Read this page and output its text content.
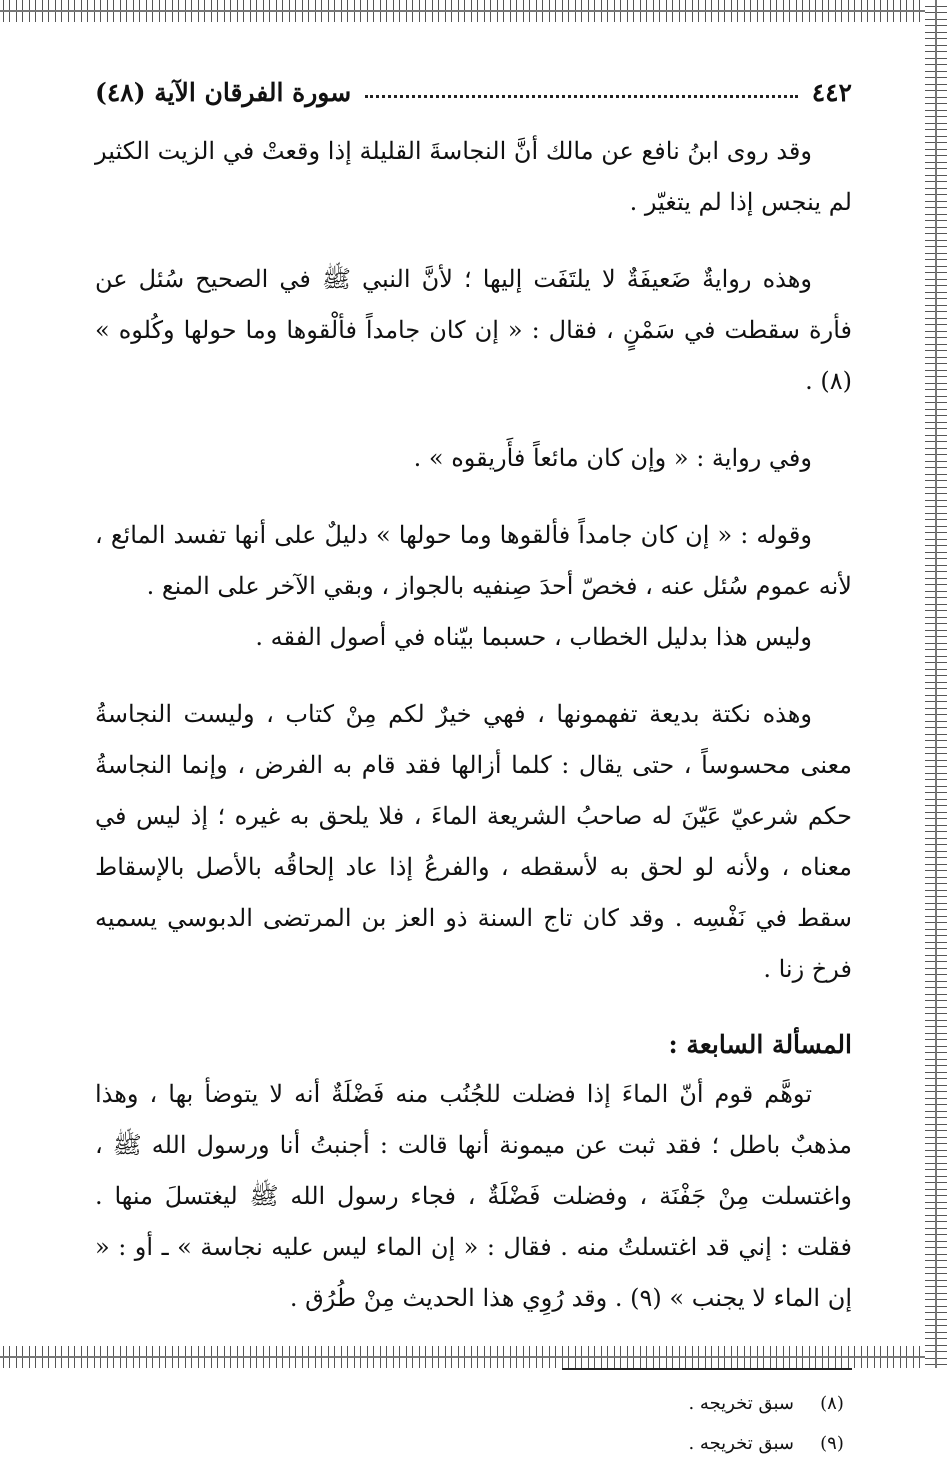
٤٤٢
سورة الفرقان الآية (٤٨)

وقد روى ابنُ نافع عن مالك أنَّ النجاسةَ القليلة إذا وقعتْ في الزيت الكثير لم ينجس إذا لم يتغيّر .

وهذه روايةٌ ضَعيفَةٌ لا يلتَفَت إليها ؛ لأنَّ النبي ﷺ في الصحيح سُئل عن فأرة سقطت في سَمْنٍ ، فقال : « إن كان جامداً فألْقوها وما حولها وكُلوه » (٨) .

وفي رواية : « وإن كان مائعاً فأَريقوه » .

وقوله : « إن كان جامداً فألقوها وما حولها » دليلٌ على أنها تفسد المائع ، لأنه عموم سُئل عنه ، فخصّ أحدَ صِنفيه بالجواز ، وبقي الآخر على المنع .

وليس هذا بدليل الخطاب ، حسبما بيّناه في أصول الفقه .

وهذه نكتة بديعة تفهمونها ، فهي خيرٌ لكم مِنْ كتاب ، وليست النجاسةُ معنى محسوساً ، حتى يقال : كلما أزالها فقد قام به الفرض ، وإنما النجاسةُ حكم شرعيّ عَيّنَ له صاحبُ الشريعة الماءَ ، فلا يلحق به غيره ؛ إذ ليس في معناه ، ولأنه لو لحق به لأسقطه ، والفرعُ إذا عاد إلحاقُه بالأصل بالإسقاط سقط في نَفْسِه . وقد كان تاج السنة ذو العز بن المرتضى الدبوسي يسميه فرخ زنا .

المسألة السابعة :

توهَّم قوم أنّ الماءَ إذا فضلت للجُنُب منه فَضْلَةٌ أنه لا يتوضأ بها ، وهذا مذهبٌ باطل ؛ فقد ثبت عن ميمونة أنها قالت : أجنبتُ أنا ورسول الله ﷺ ، واغتسلت مِنْ جَفْنَة ، وفضلت فَضْلَةٌ ، فجاء رسول الله ﷺ ليغتسلَ منها . فقلت : إني قد اغتسلتُ منه . فقال : « إن الماء ليس عليه نجاسة » ـ أو : « إن الماء لا يجنب » (٩) . وقد رُوِي هذا الحديث مِنْ طُرُق .

(٨)
سبق تخريجه .
(٩)
سبق تخريجه .
